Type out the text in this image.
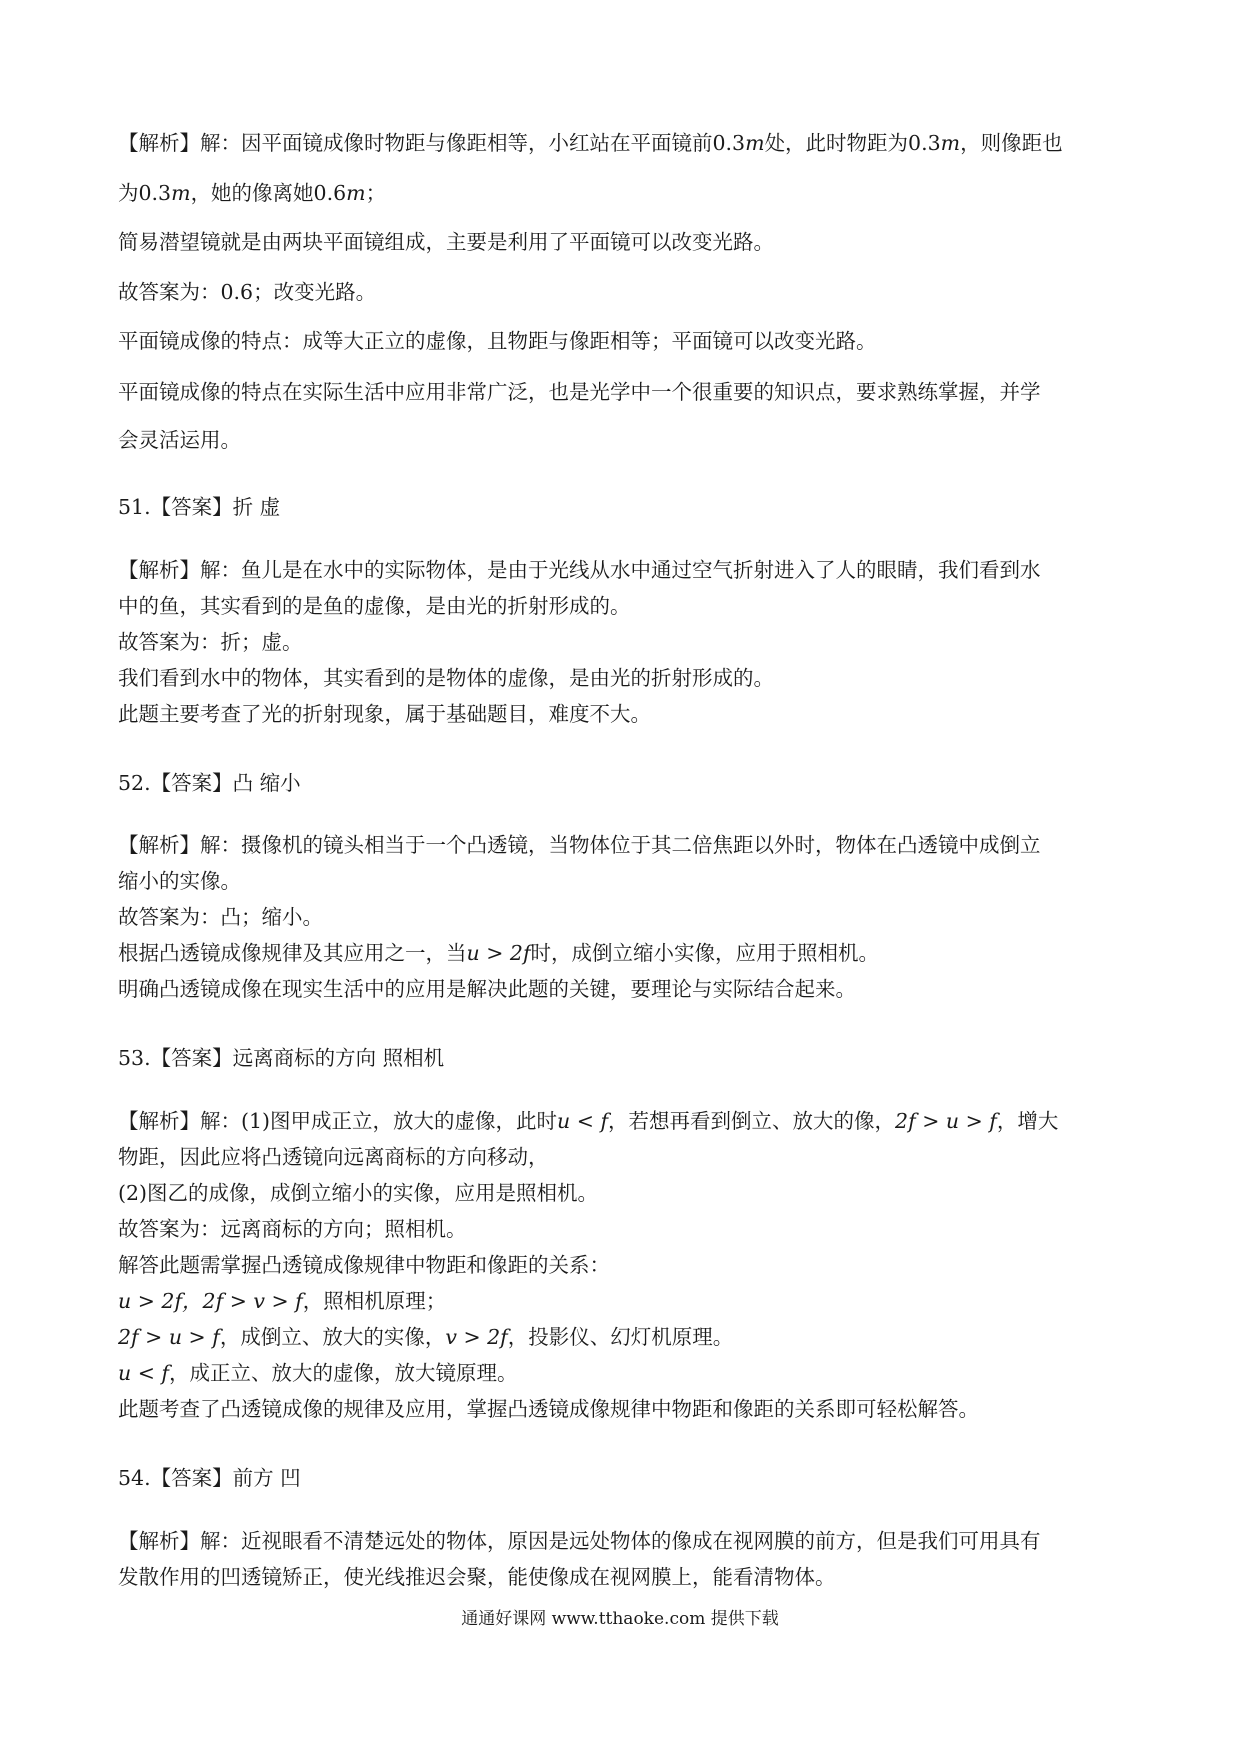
【解析】解：因平面镜成像时物距与像距相等，小红站在平面镜前0.3m处，此时物距为0.3m，则像距也

为0.3m，她的像离她0.6m；

简易潜望镜就是由两块平面镜组成，主要是利用了平面镜可以改变光路。

故答案为：0.6；改变光路。

平面镜成像的特点：成等大正立的虚像，且物距与像距相等；平面镜可以改变光路。

平面镜成像的特点在实际生活中应用非常广泛，也是光学中一个很重要的知识点，要求熟练掌握，并学

会灵活运用。

51.【答案】折 虚

【解析】解：鱼儿是在水中的实际物体，是由于光线从水中通过空气折射进入了人的眼睛，我们看到水

中的鱼，其实看到的是鱼的虚像，是由光的折射形成的。

故答案为：折；虚。

我们看到水中的物体，其实看到的是物体的虚像，是由光的折射形成的。

此题主要考查了光的折射现象，属于基础题目，难度不大。

52.【答案】凸 缩小

【解析】解：摄像机的镜头相当于一个凸透镜，当物体位于其二倍焦距以外时，物体在凸透镜中成倒立

缩小的实像。

故答案为：凸；缩小。

根据凸透镜成像规律及其应用之一，当u > 2f时，成倒立缩小实像，应用于照相机。

明确凸透镜成像在现实生活中的应用是解决此题的关键，要理论与实际结合起来。

53.【答案】远离商标的方向 照相机

【解析】解：(1)图甲成正立，放大的虚像，此时u < f，若想再看到倒立、放大的像，2f > u > f，增大

物距，因此应将凸透镜向远离商标的方向移动，

(2)图乙的成像，成倒立缩小的实像，应用是照相机。

故答案为：远离商标的方向；照相机。

解答此题需掌握凸透镜成像规律中物距和像距的关系：

u > 2f，2f > v > f，照相机原理；

2f > u > f，成倒立、放大的实像，v > 2f，投影仪、幻灯机原理。

u < f，成正立、放大的虚像，放大镜原理。

此题考查了凸透镜成像的规律及应用，掌握凸透镜成像规律中物距和像距的关系即可轻松解答。

54.【答案】前方 凹

【解析】解：近视眼看不清楚远处的物体，原因是远处物体的像成在视网膜的前方，但是我们可用具有

发散作用的凹透镜矫正，使光线推迟会聚，能使像成在视网膜上，能看清物体。

通通好课网 www.tthaoke.com 提供下载
